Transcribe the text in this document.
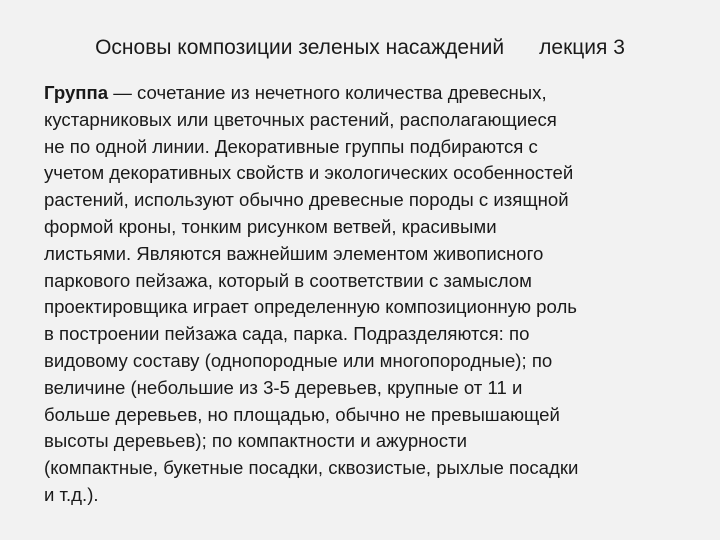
Основы композиции зеленых насаждений      лекция 3
Группа — сочетание из нечетного количества древесных,
кустарниковых или цветочных растений, располагающиеся
не по одной линии. Декоративные группы подбираются с
учетом декоративных свойств и экологических особенностей
растений, используют обычно древесные породы с изящной
формой кроны, тонким рисунком ветвей, красивыми
листьями. Являются важнейшим элементом живописного
паркового пейзажа, который в соответствии с замыслом
проектировщика играет определенную композиционную роль
в построении пейзажа сада, парка. Подразделяются: по
видовому составу (однопородные или многопородные); по
величине (небольшие из 3-5 деревьев, крупные от 11 и
больше деревьев, но площадью, обычно не превышающей
высоты деревьев); по компактности и ажурности
(компактные, букетные посадки, сквозистые, рыхлые посадки
и т.д.).
